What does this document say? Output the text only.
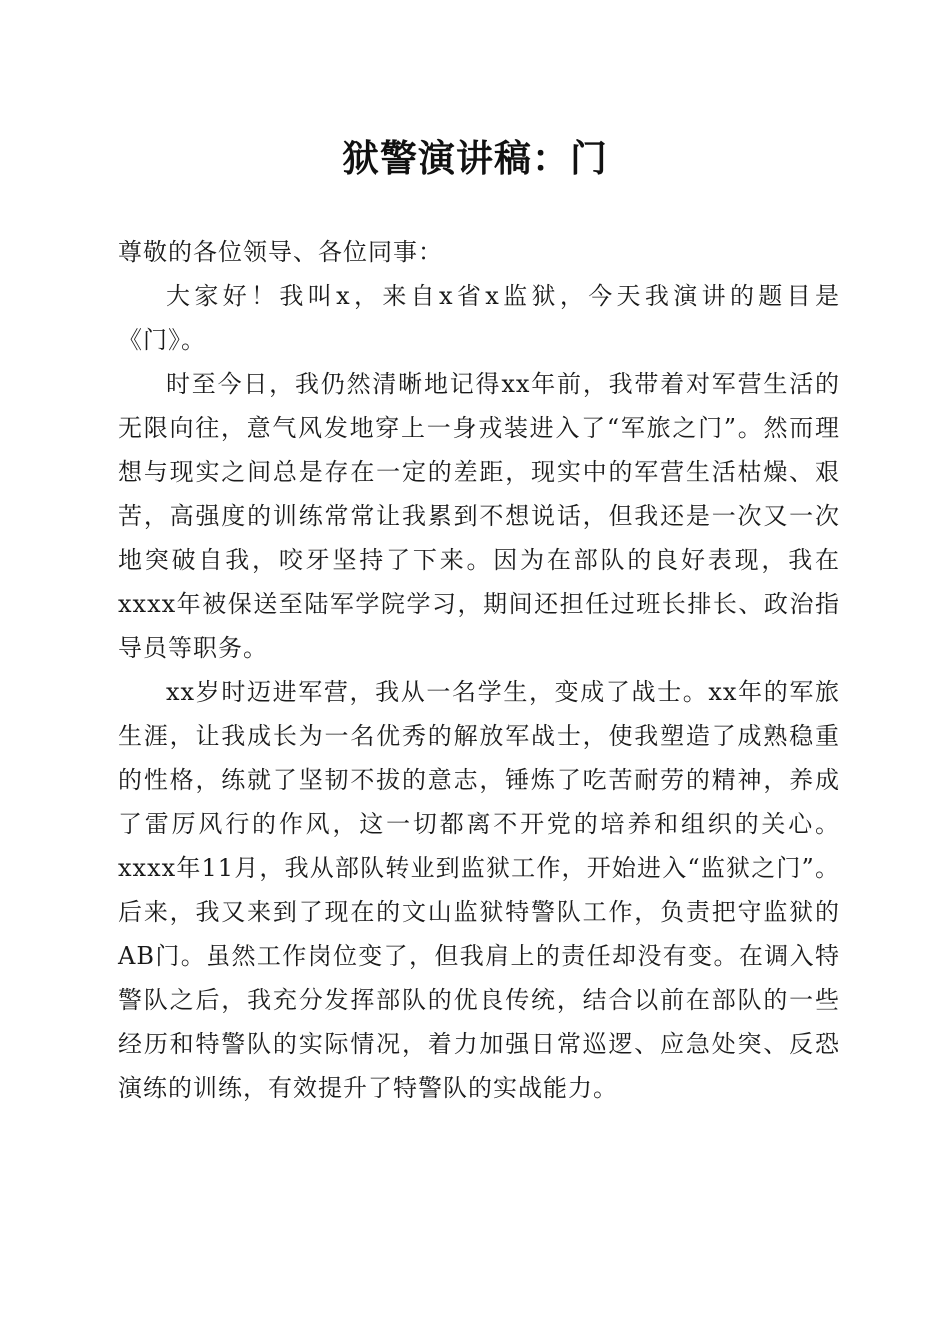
狱警演讲稿：门

尊敬的各位领导、各位同事：

大家好！我叫x，来自x省x监狱，今天我演讲的题目是《门》。

时至今日，我仍然清晰地记得xx年前，我带着对军营生活的无限向往，意气风发地穿上一身戎装进入了“军旅之门”。然而理想与现实之间总是存在一定的差距，现实中的军营生活枯燥、艰苦，高强度的训练常常让我累到不想说话，但我还是一次又一次地突破自我，咬牙坚持了下来。因为在部队的良好表现，我在xxxx年被保送至陆军学院学习，期间还担任过班长排长、政治指导员等职务。

xx岁时迈进军营，我从一名学生，变成了战士。xx年的军旅生涯，让我成长为一名优秀的解放军战士，使我塑造了成熟稳重的性格，练就了坚韧不拔的意志，锤炼了吃苦耐劳的精神，养成了雷厉风行的作风，这一切都离不开党的培养和组织的关心。xxxx年11月，我从部队转业到监狱工作，开始进入“监狱之门”。后来，我又来到了现在的文山监狱特警队工作，负责把守监狱的AB门。虽然工作岗位变了，但我肩上的责任却没有变。在调入特警队之后，我充分发挥部队的优良传统，结合以前在部队的一些经历和特警队的实际情况，着力加强日常巡逻、应急处突、反恐演练的训练，有效提升了特警队的实战能力。
